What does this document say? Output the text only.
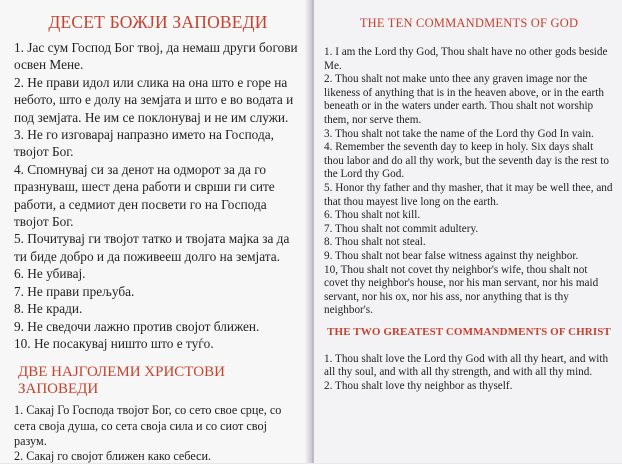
ДЕСЕТ БОЖЈИ ЗАПОВЕДИ
1. Јас сум Господ Бог твој, да немаш други богови освен Мене.
2. Не прави идол или слика на она што е горе на небото, што е долу на земјата и што е во водата и под земјата. Не им се поклонувај и не им служи.
3. Не го изговарај напразно името на Господа, твојот Бог.
4. Спомнувај си за денот на одморот за да го празнуваш, шест дена работи и сврши ги сите работи, а седмиот ден посвети го на Господа твојот Бог.
5. Почитувај ги твојот татко и твојата мајка за да ти биде добро и да поживееш долго на земјата.
6. Не убивај.
7. Не прави прељуба.
8. Не кради.
9. Не сведочи лажно против својот ближен.
10. Не посакувај ништо што е туѓо.
ДВЕ НАЈГОЛЕМИ ХРИСТОВИ ЗАПОВЕДИ
1. Сакај Го Господа твојот Бог, со сето свое срце, со сета своја душа, со сета своја сила и со сиот свој разум.
2. Сакај го својот ближен како себеси.
THE TEN COMMANDMENTS OF GOD
1. I am the Lord thy God, Thou shalt have no other gods beside Me.
2. Thou shalt not make unto thee any graven image nor the likeness of anything that is in the heaven above, or in the earth beneath or in the waters under earth. Thou shalt not worship them, nor serve them.
3. Thou shalt not take the name of the Lord thy God In vain.
4. Remember the seventh day to keep in holy. Six days shalt thou labor and do all thy work, but the seventh day is the rest to the Lord thy God.
5. Honor thy father and thy masher, that it may be well thee, and that thou mayest live long on the earth.
6. Thou shalt not kill.
7. Thou shalt not commit adultery.
8. Thou shalt not steal.
9. Thou shalt not bear false witness against thy neighbor.
10, Thou shalt not covet thy neighbor's wife, thou shalt not covet thy neighbor's house, nor his man servant, nor his maid servant, nor his ox, nor his ass, nor anything that is thy neighbor's.
THE TWO GREATEST COMMANDMENTS OF CHRIST
1. Thou shalt love the Lord thy God with all thy heart, and with all thy soul, and with all thy strength, and with all thy mind.
2. Thou shalt love thy neighbor as thyself.
